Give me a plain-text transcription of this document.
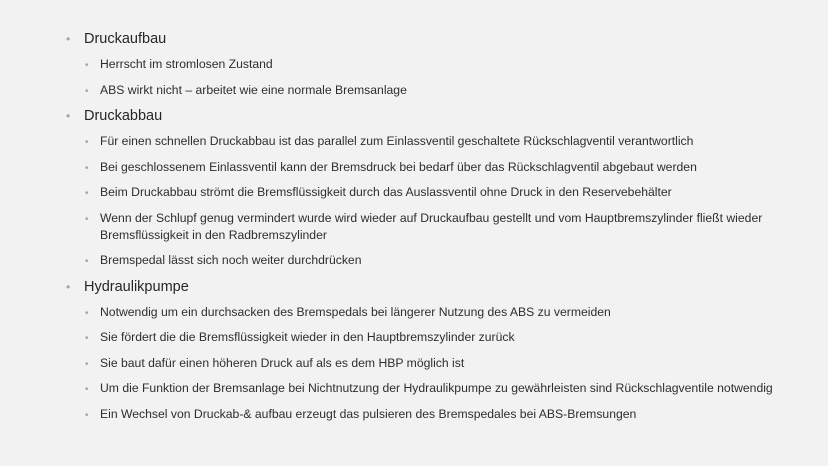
• Druckaufbau
• Herrscht im stromlosen Zustand
• ABS wirkt nicht – arbeitet wie eine normale Bremsanlage
• Druckabbau
• Für einen schnellen Druckabbau ist das parallel zum Einlassventil geschaltete Rückschlagventil verantwortlich
• Bei geschlossenem Einlassventil kann der Bremsdruck bei bedarf über das Rückschlagventil abgebaut werden
• Beim Druckabbau strömt die Bremsflüssigkeit durch das Auslassventil ohne Druck in den Reservebehälter
• Wenn der Schlupf genug vermindert wurde wird wieder auf Druckaufbau gestellt und vom Hauptbremszylinder fließt wieder Bremsflüssigkeit in den Radbremszylinder
• Bremspedal lässt sich noch weiter durchdrücken
• Hydraulikpumpe
• Notwendig um ein durchsacken des Bremspedals bei längerer Nutzung des ABS zu vermeiden
• Sie fördert die die Bremsflüssigkeit wieder in den Hauptbremszylinder zurück
• Sie baut dafür einen höheren Druck auf als es dem HBP möglich ist
• Um die Funktion der Bremsanlage bei Nichtnutzung der Hydraulikpumpe zu gewährleisten sind Rückschlagventile notwendig
• Ein Wechsel von Druckab-& aufbau erzeugt das pulsieren des Bremspedales bei ABS-Bremsungen
